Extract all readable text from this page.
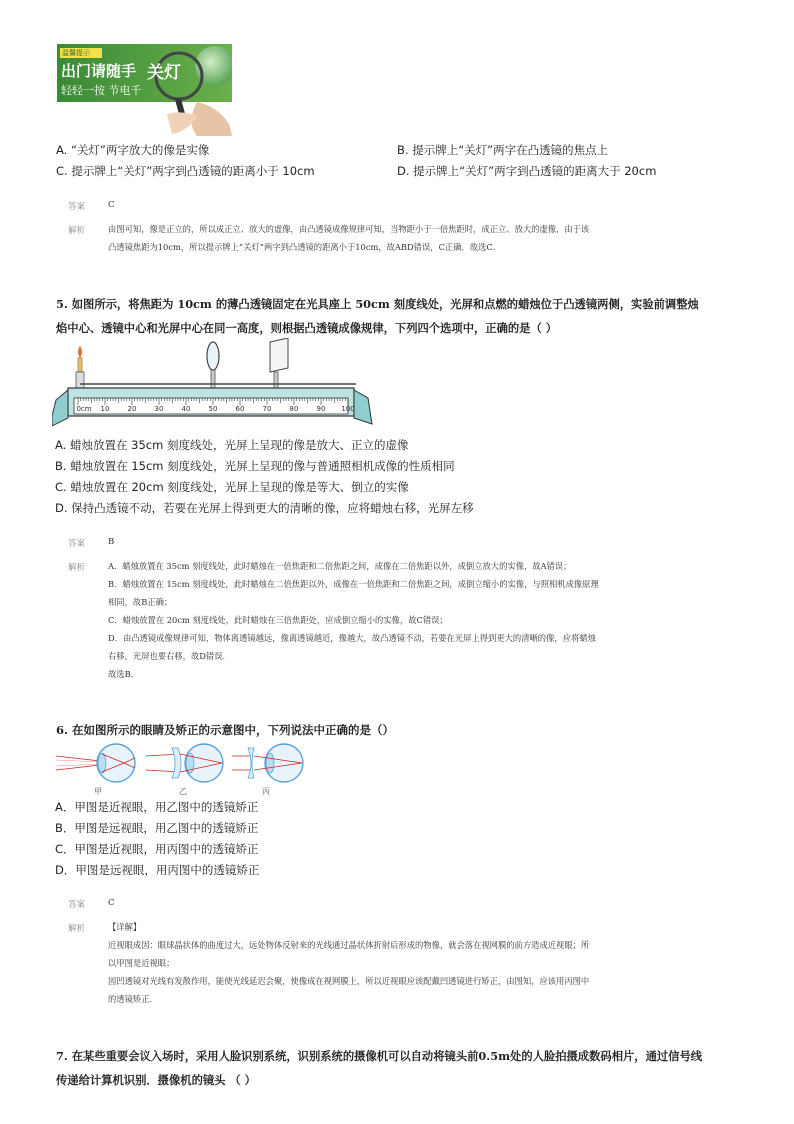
温馨提示
出门请随手 关灯
轻轻一按 节电千
A. “关灯”两字放大的像是实像	B. 提示牌上“关灯”两字在凸透镜的焦点上
C. 提示牌上“关灯”两字到凸透镜的距离小于 10cm	D. 提示牌上“关灯”两字到凸透镜的距离大于 20cm
答案	C
解析	由图可知，像是正立的，所以成正立、放大的虚像，由凸透镜成像规律可知，当物距小于一倍焦距时，成正立、放大的虚像，由于该
凸透镜焦距为10cm，所以提示牌上“关灯”两字到凸透镜的距离小于10cm，故ABD错误，C正确．故选C．
5. 如图所示，将焦距为 10cm 的薄凸透镜固定在光具座上 50cm 刻度线处，光屏和点燃的蜡烛位于凸透镜两侧，实验前调整烛
焰中心、透镜中心和光屏中心在同一高度，则根据凸透镜成像规律，下列四个选项中，正确的是（ ）
0cm 10	20	30	40	50	60	70	80	90 100
A. 蜡烛放置在 35cm 刻度线处，光屏上呈现的像是放大、正立的虚像
B. 蜡烛放置在 15cm 刻度线处，光屏上呈现的像与普通照相机成像的性质相同
C. 蜡烛放置在 20cm 刻度线处，光屏上呈现的像是等大、倒立的实像
D. 保持凸透镜不动，若要在光屏上得到更大的清晰的像，应将蜡烛右移，光屏左移
答案	B
解析	A．蜡烛放置在 35cm 刻度线处，此时蜡烛在一倍焦距和二倍焦距之间，成像在二倍焦距以外，成倒立放大的实像，故A错误；
B．蜡烛放置在 15cm 刻度线处，此时蜡烛在二倍焦距以外，成像在一倍焦距和二倍焦距之间，成倒立缩小的实像，与照相机成像原理
相同，故B正确；
C．蜡烛放置在 20cm 刻度线处，此时蜡烛在三倍焦距处，应成倒立缩小的实像，故C错误；
D．由凸透镜成像规律可知，物体离透镜越远，像离透镜越近，像越大，故凸透镜不动，若要在光屏上得到更大的清晰的像，应将蜡烛
右移，光屏也要右移，故D错误．
故选B．
6. 在如图所示的眼睛及矫正的示意图中，下列说法中正确的是（）
甲	乙	丙
A．甲图是近视眼，用乙图中的透镜矫正
B．甲图是远视眼，用乙图中的透镜矫正
C．甲图是近视眼，用丙图中的透镜矫正
D．甲图是远视眼，用丙图中的透镜矫正
答案	C
解析	【详解】
近视眼成因：眼球晶状体的曲度过大，远处物体反射来的光线通过晶状体折射后形成的物像，就会落在视网膜的前方造成近视眼；所
以甲图是近视眼；
因凹透镜对光线有发散作用，能使光线延迟会聚，使像成在视网膜上，所以近视眼应该配戴凹透镜进行矫正，由图知，应该用丙图中
的透镜矫正．
7. 在某些重要会议入场时，采用人脸识别系统，识别系统的摄像机可以自动将镜头前0.5m处的人脸拍摄成数码相片，通过信号线
传递给计算机识别．摄像机的镜头 （ ）
